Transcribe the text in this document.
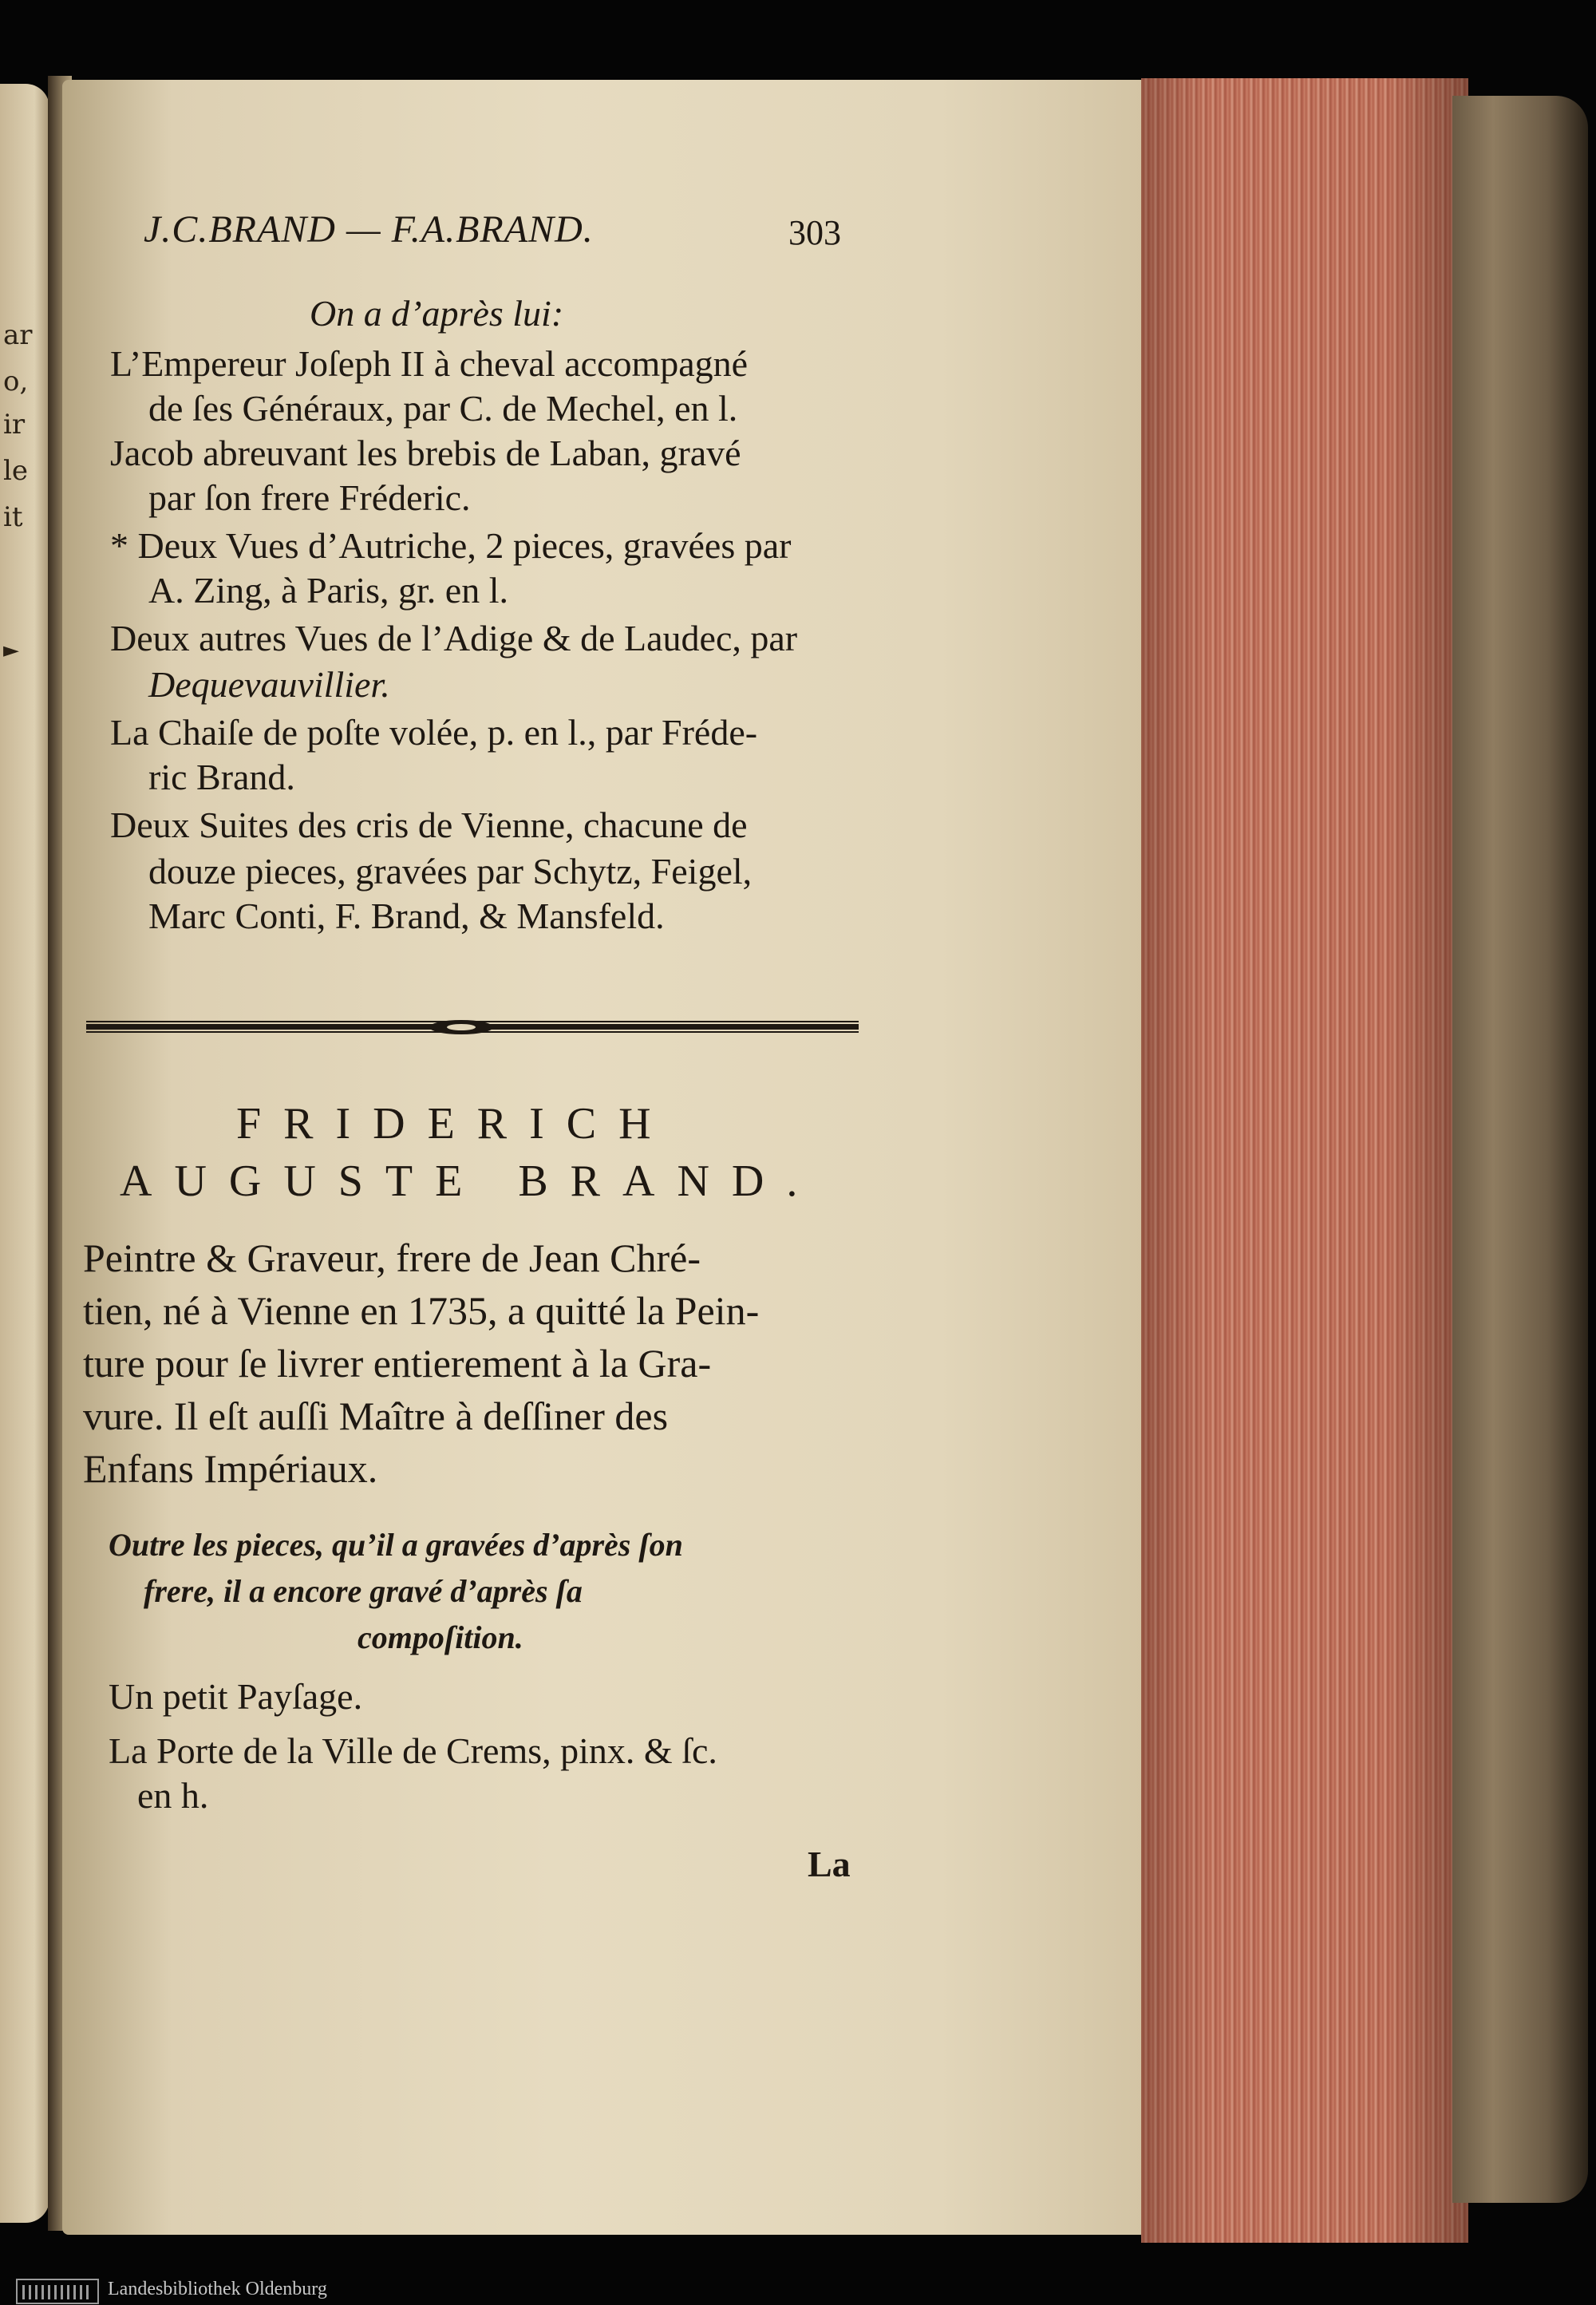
ar
o,
ir
le
it
►
J.C.BRAND — F.A.BRAND.	303
On a d’après lui:
L’Empereur Joſeph II à cheval accompagné
de ſes Généraux, par C. de Mechel, en l.
Jacob abreuvant les brebis de Laban, gravé
par ſon frere Fréderic.
* Deux Vues d’Autriche, 2 pieces, gravées par
A. Zing, à Paris, gr. en l.
Deux autres Vues de l’Adige & de Laudec, par
Dequevauvillier.
La Chaiſe de poſte volée, p. en l., par Fréde-
ric Brand.
Deux Suites des cris de Vienne, chacune de
douze pieces, gravées par Schytz, Feigel,
Marc Conti, F. Brand, & Mansfeld.
FRIDERICH
AUGUSTE BRAND.
Peintre & Graveur, frere de Jean Chré-
tien, né à Vienne en 1735, a quitté la Pein-
ture pour ſe livrer entierement à la Gra-
vure. Il eſt auſſi Maître à deſſiner des
Enfans Impériaux.
Outre les pieces, qu’il a gravées d’après ſon
frere, il a encore gravé d’après ſa
compoſition.
Un petit Payſage.
La Porte de la Ville de Crems, pinx. & ſc.
en h.
La
Landesbibliothek Oldenburg
